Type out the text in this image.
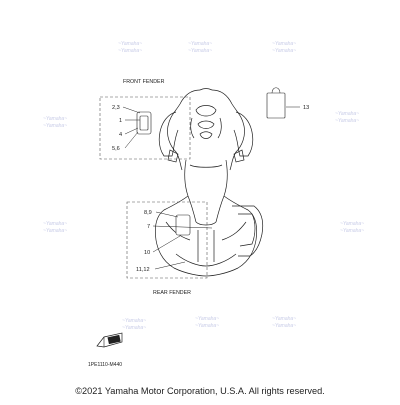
~Yamaha~
~Yamaha~
~Yamaha~
~Yamaha~
~Yamaha~
~Yamaha~
~Yamaha~
~Yamaha~
~Yamaha~
~Yamaha~
~Yamaha~
~Yamaha~
~Yamaha~
~Yamaha~
~Yamaha~
~Yamaha~
~Yamaha~
~Yamaha~
~Yamaha~
~Yamaha~
FRONT FENDER
REAR FENDER
2,3
1
4
5,6
8,9
7
10
11,12
13
1PE1110-M440
©2021 Yamaha Motor Corporation, U.S.A. All rights reserved.
